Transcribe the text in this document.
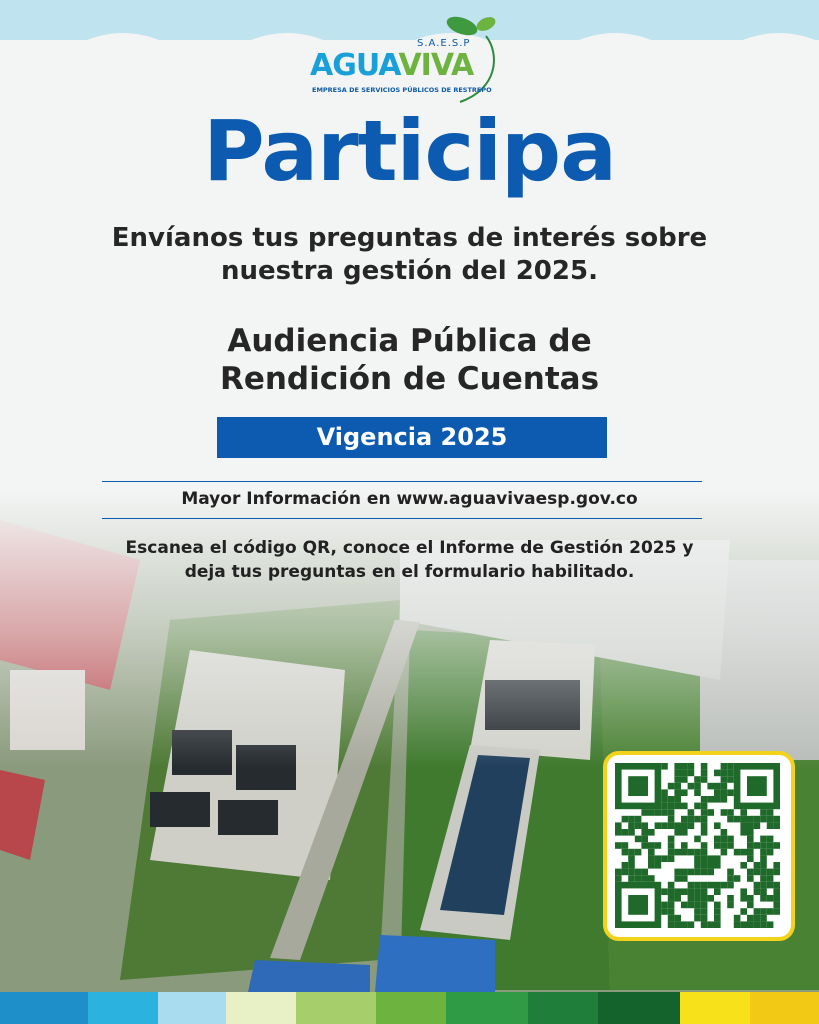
AGUAVIVA
S.A.E.S.P
EMPRESA DE SERVICIOS PÚBLICOS DE RESTREPO
Participa
Envíanos tus preguntas de interés sobre
nuestra gestión del 2025.
Audiencia Pública de
Rendición de Cuentas
Vigencia 2025
Mayor Información en www.aguavivaesp.gov.co
Escanea el código QR, conoce el Informe de Gestión 2025 y
deja tus preguntas en el formulario habilitado.
